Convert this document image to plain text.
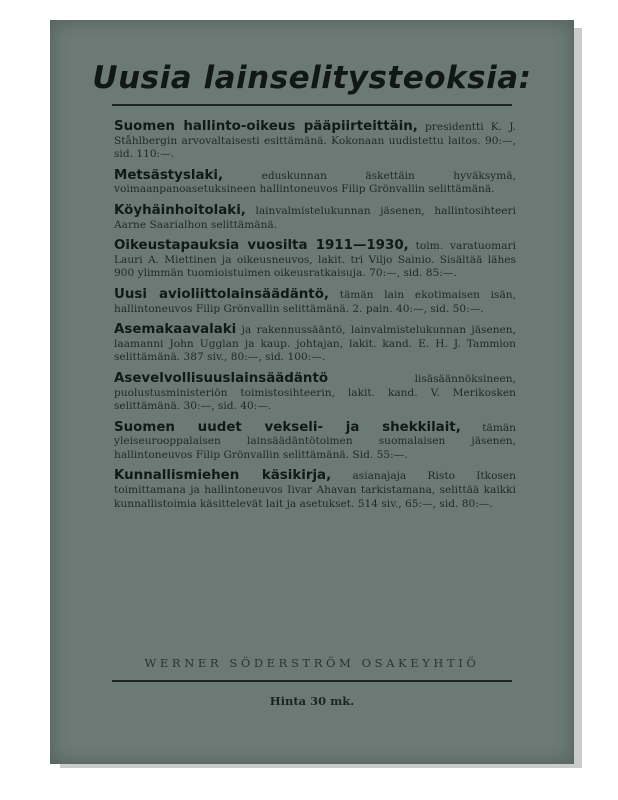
Uusia lainselitysteoksia:
Suomen hallinto-oikeus pääpiirteittäin, presidentti K. J. Ståhlbergin arvovaltaisesti esittämänä. Kokonaan uudistettu laitos. 90:—, sid. 110:—.
Metsästyslaki, eduskunnan äskettäin hyväksymä, voimaanpanoasetuksineen hallintoneuvos Filip Grönvallin selittämänä.
Köyhäinhoitolaki, lainvalmistelukunnan jäsenen, hallintosihteeri Aarne Saarialhon selittämänä.
Oikeustapauksia vuosilta 1911—1930, toim. varatuomari Lauri A. Miettinen ja oikeusneuvos, lakit. tri Viljo Sainio. Sisältää lähes 900 ylimmän tuomioistuimen oikeusratkaisuja. 70:—, sid. 85:—.
Uusi avioliittolainsäädäntö, tämän lain ekotimaisen isän, hallintoneuvos Filip Grönvallin selittämänä. 2. pain. 40:—, sid. 50:—.
Asemakaavalaki ja rakennussääntö, lainvalmistelukunnan jäsenen, laamanni John Ugglan ja kaup. johtajan, lakit. kand. E. H. J. Tammion selittämänä. 387 siv., 80:—, sid. 100:—.
Asevelvollisuuslainsäädäntö lisäsäännöksineen, puolustusministeriön toimistosihteerin, lakit. kand. V. Merikosken selittämänä. 30:—, sid. 40:—.
Suomen uudet vekseli- ja shekkilait, tämän yleiseurooppalaisen lainsäädäntötoimen suomalaisen jäsenen, hallintoneuvos Filip Grönvallin selittämänä. Sid. 55:—.
Kunnallismiehen käsikirja, asianajaja Risto Itkosen toimittamana ja hallintoneuvos Iivar Ahavan tarkistamana, selittää kaikki kunnallistoimia käsittelevät lait ja asetukset. 514 siv., 65:—, sid. 80:—.
WERNER SÖDERSTRÖM OSAKEYHTIÖ
Hinta 30 mk.
